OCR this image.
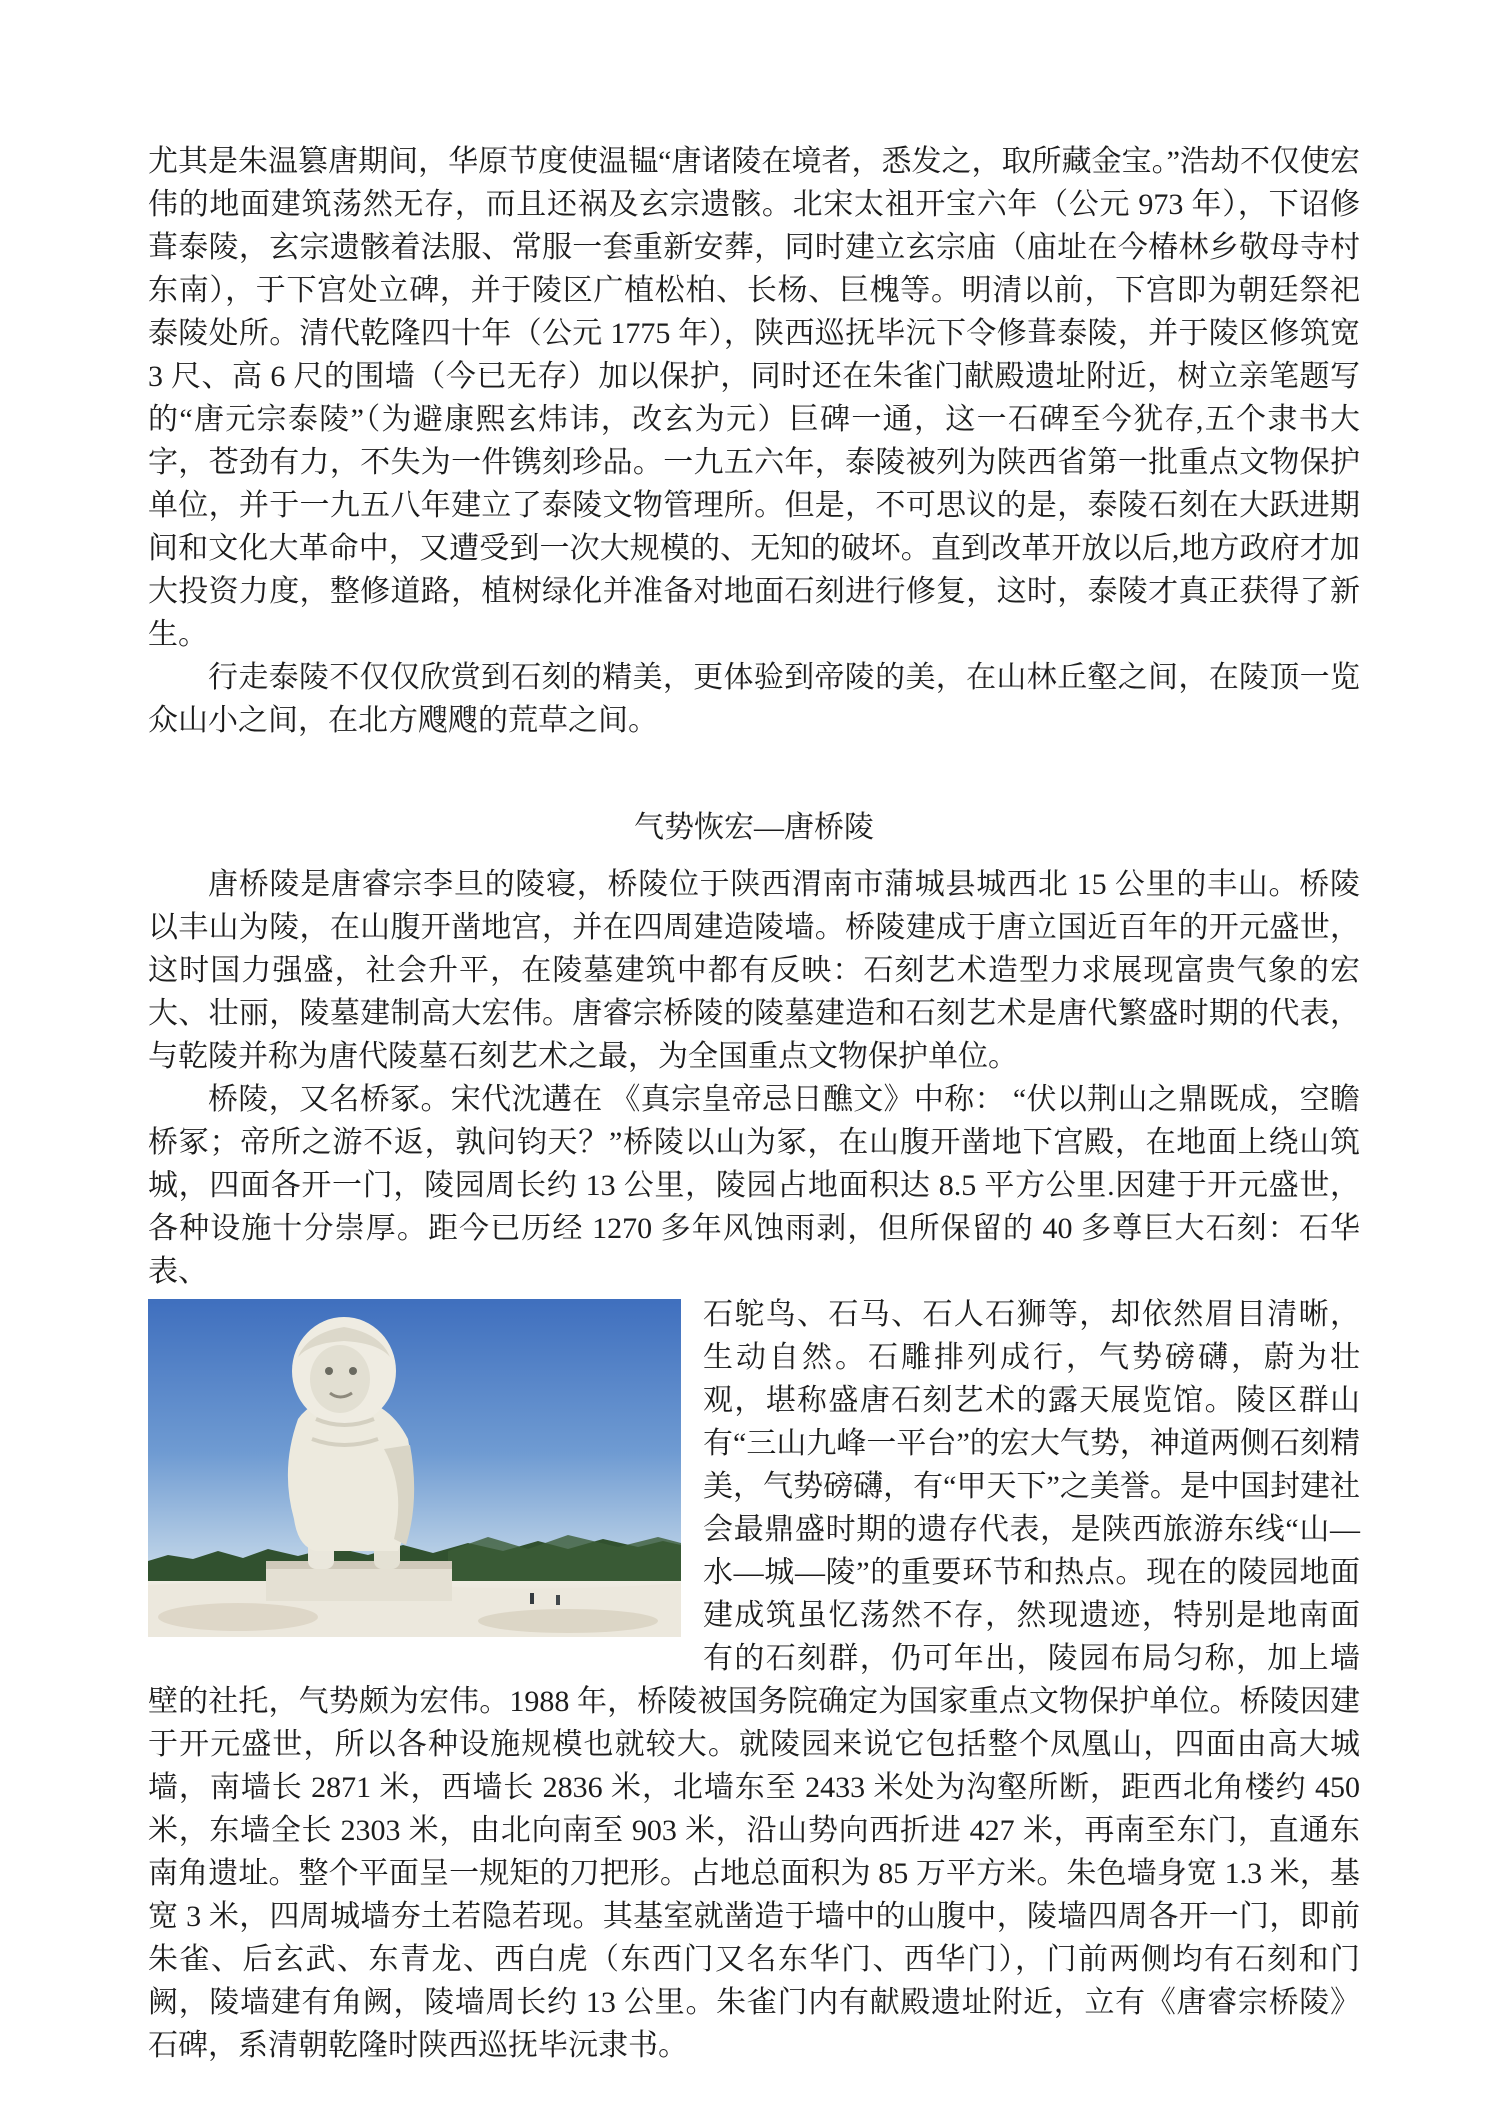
尤其是朱温篡唐期间，华原节度使温韫“唐诸陵在境者，悉发之，取所藏金宝。”浩劫不仅使宏伟的地面建筑荡然无存，而且还祸及玄宗遗骸。北宋太祖开宝六年（公元 973 年），下诏修葺泰陵，玄宗遗骸着法服、常服一套重新安葬，同时建立玄宗庙（庙址在今椿林乡敬母寺村东南），于下宫处立碑，并于陵区广植松柏、长杨、巨槐等。明清以前，下宫即为朝廷祭祀泰陵处所。清代乾隆四十年（公元 1775 年），陕西巡抚毕沅下令修葺泰陵，并于陵区修筑宽 3 尺、高 6 尺的围墙（今已无存）加以保护，同时还在朱雀门献殿遗址附近，树立亲笔题写的“唐元宗泰陵”（为避康熙玄炜讳，改玄为元）巨碑一通，这一石碑至今犹存,五个隶书大字，苍劲有力，不失为一件镌刻珍品。一九五六年，泰陵被列为陕西省第一批重点文物保护单位，并于一九五八年建立了泰陵文物管理所。但是，不可思议的是，泰陵石刻在大跃进期间和文化大革命中，又遭受到一次大规模的、无知的破坏。直到改革开放以后,地方政府才加大投资力度，整修道路，植树绿化并准备对地面石刻进行修复，这时，泰陵才真正获得了新生。

行走泰陵不仅仅欣赏到石刻的精美，更体验到帝陵的美，在山林丘壑之间，在陵顶一览众山小之间，在北方飕飕的荒草之间。

气势恢宏—唐桥陵

唐桥陵是唐睿宗李旦的陵寝，桥陵位于陕西渭南市蒲城县城西北 15 公里的丰山。桥陵以丰山为陵，在山腹开凿地宫，并在四周建造陵墙。桥陵建成于唐立国近百年的开元盛世，这时国力强盛，社会升平，在陵墓建筑中都有反映：石刻艺术造型力求展现富贵气象的宏大、壮丽，陵墓建制高大宏伟。唐睿宗桥陵的陵墓建造和石刻艺术是唐代繁盛时期的代表，与乾陵并称为唐代陵墓石刻艺术之最，为全国重点文物保护单位。

桥陵，又名桥冢。宋代沈遘在 《真宗皇帝忌日醮文》中称： “伏以荆山之鼎既成，空瞻桥冢；帝所之游不返，孰问钧天？”桥陵以山为冢，在山腹开凿地下宫殿，在地面上绕山筑城，四面各开一门，陵园周长约 13 公里，陵园占地面积达 8.5 平方公里.因建于开元盛世，各种设施十分崇厚。距今已历经 1270 多年风蚀雨剥，但所保留的 40 多尊巨大石刻：石华表、

石鸵鸟、石马、石人石狮等，却依然眉目清晰，生动自然。石雕排列成行，气势磅礴，蔚为壮观，堪称盛唐石刻艺术的露天展览馆。陵区群山有“三山九峰一平台”的宏大气势，神道两侧石刻精美，气势磅礴，有“甲天下”之美誉。是中国封建社会最鼎盛时期的遗存代表，是陕西旅游东线“山—水—城—陵”的重要环节和热点。现在的陵园地面建成筑虽忆荡然不存，然现遗迹，特别是地南面有的石刻群，仍可年出，陵园布局匀称，加上墙壁的社托，气势颇为宏伟。1988 年，桥陵被国务院确定为国家重点文物保护单位。桥陵因建于开元盛世，所以各种设施规模也就较大。就陵园来说它包括整个凤凰山，四面由高大城墙，南墙长 2871 米，西墙长 2836 米，北墙东至 2433 米处为沟壑所断，距西北角楼约 450 米，东墙全长 2303 米，由北向南至 903 米，沿山势向西折进 427 米，再南至东门，直通东南角遗址。整个平面呈一规矩的刀把形。占地总面积为 85 万平方米。朱色墙身宽 1.3 米，基宽 3 米，四周城墙夯土若隐若现。其基室就凿造于墙中的山腹中，陵墙四周各开一门，即前朱雀、后玄武、东青龙、西白虎（东西门又名东华门、西华门），门前两侧均有石刻和门阙，陵墙建有角阙，陵墙周长约 13 公里。朱雀门内有献殿遗址附近，立有《唐睿宗桥陵》石碑，系清朝乾隆时陕西巡抚毕沅隶书。
